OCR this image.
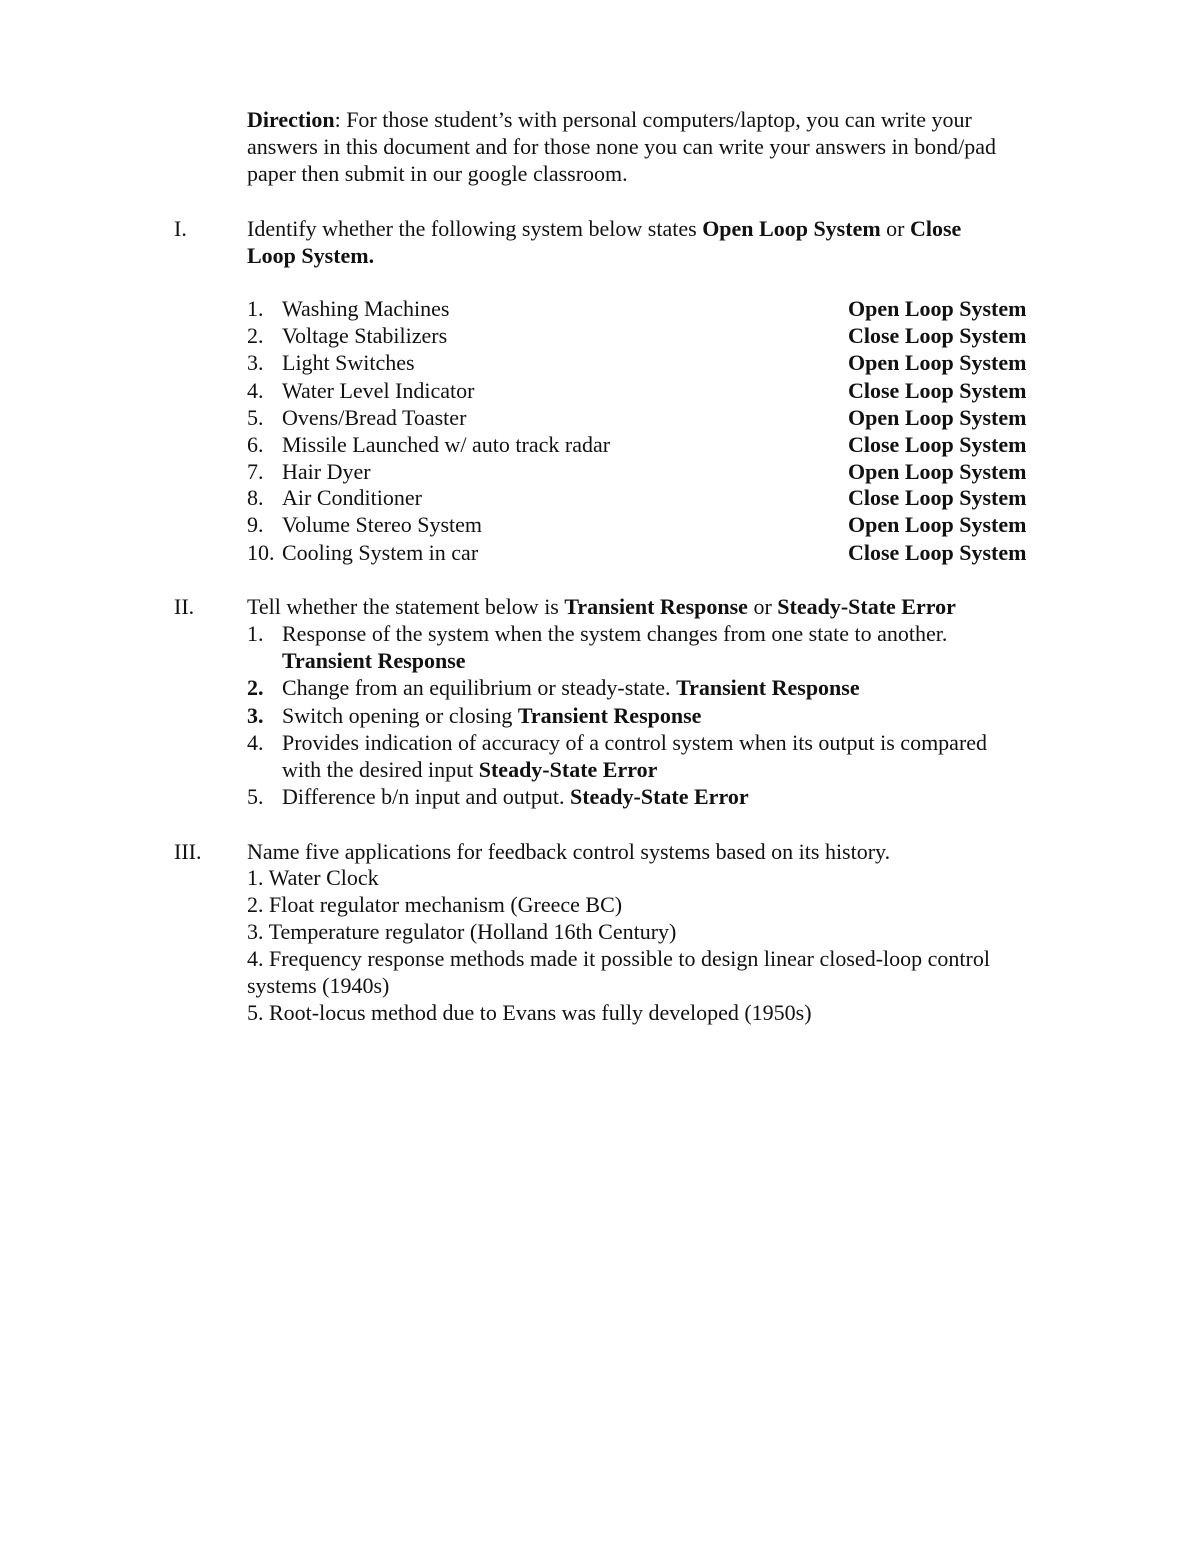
Direction: For those student’s with personal computers/laptop, you can write your
answers in this document and for those none you can write your answers in bond/pad
paper then submit in our google classroom.
I.	Identify whether the following system below states Open Loop System or Close
Loop System.
1. Washing Machines	Open Loop System
2. Voltage Stabilizers	Close Loop System
3. Light Switches	Open Loop System
4. Water Level Indicator	Close Loop System
5. Ovens/Bread Toaster	Open Loop System
6. Missile Launched w/ auto track radar	Close Loop System
7. Hair Dyer	Open Loop System
8. Air Conditioner	Close Loop System
9. Volume Stereo System	Open Loop System
10. Cooling System in car	Close Loop System
II. Tell whether the statement below is Transient Response or Steady-State Error
1. Response of the system when the system changes from one state to another.
Transient Response
2. Change from an equilibrium or steady-state. Transient Response
3. Switch opening or closing Transient Response
4. Provides indication of accuracy of a control system when its output is compared
with the desired input Steady-State Error
5. Difference b/n input and output. Steady-State Error
III. Name five applications for feedback control systems based on its history.
1. Water Clock
2. Float regulator mechanism (Greece BC)
3. Temperature regulator (Holland 16th Century)
4. Frequency response methods made it possible to design linear closed-loop control
systems (1940s)
5. Root-locus method due to Evans was fully developed (1950s)
